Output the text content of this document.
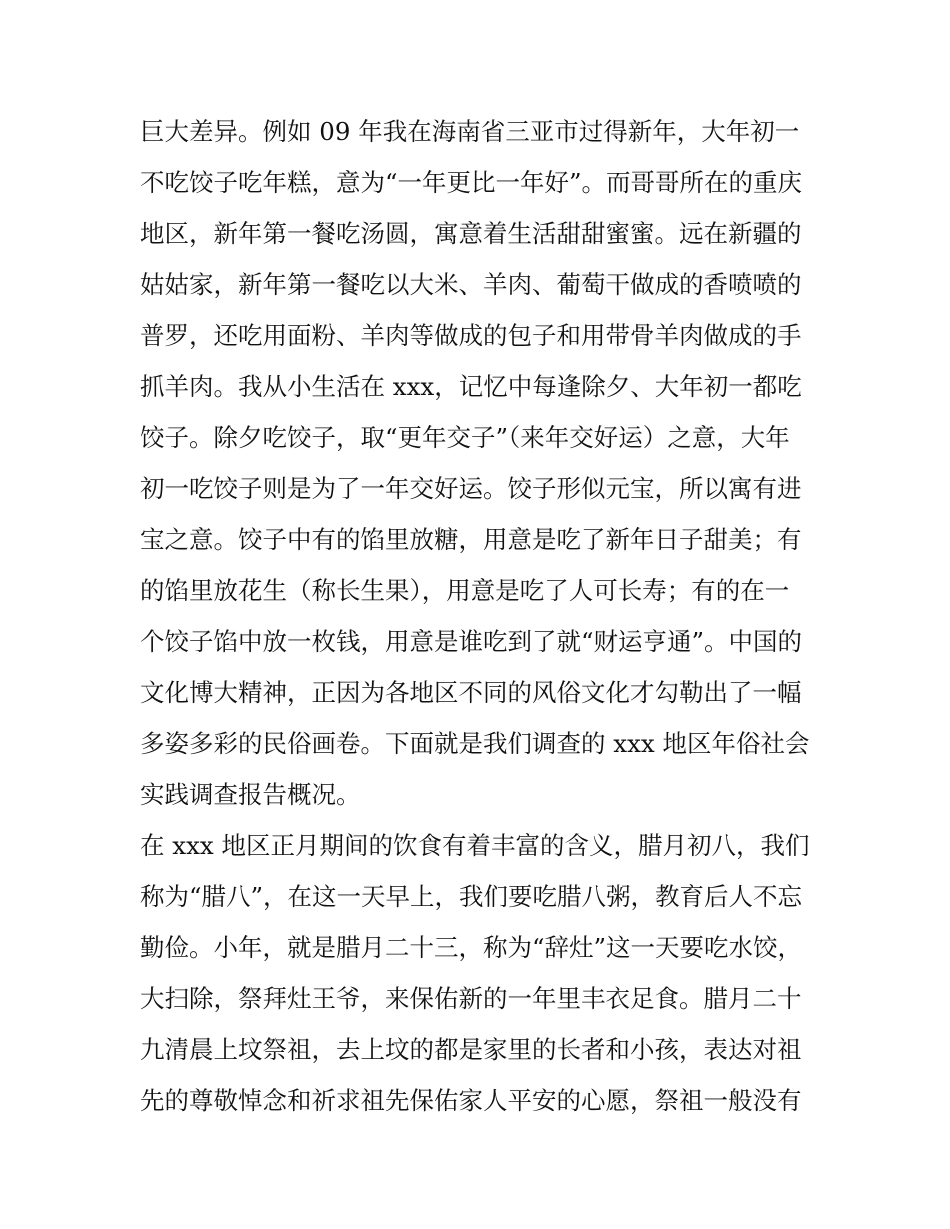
巨大差异。例如 09 年我在海南省三亚市过得新年，大年初一
不吃饺子吃年糕，意为“一年更比一年好”。而哥哥所在的重庆
地区，新年第一餐吃汤圆，寓意着生活甜甜蜜蜜。远在新疆的
姑姑家，新年第一餐吃以大米、羊肉、葡萄干做成的香喷喷的
普罗，还吃用面粉、羊肉等做成的包子和用带骨羊肉做成的手
抓羊肉。我从小生活在 xxx，记忆中每逢除夕、大年初一都吃
饺子。除夕吃饺子，取“更年交子”（来年交好运）之意，大年
初一吃饺子则是为了一年交好运。饺子形似元宝，所以寓有进
宝之意。饺子中有的馅里放糖，用意是吃了新年日子甜美；有
的馅里放花生（称长生果），用意是吃了人可长寿；有的在一
个饺子馅中放一枚钱，用意是谁吃到了就“财运亨通”。中国的
文化博大精神，正因为各地区不同的风俗文化才勾勒出了一幅
多姿多彩的民俗画卷。下面就是我们调查的 xxx 地区年俗社会
实践调查报告概况。
在 xxx 地区正月期间的饮食有着丰富的含义，腊月初八，我们
称为“腊八”，在这一天早上，我们要吃腊八粥，教育后人不忘
勤俭。小年，就是腊月二十三，称为“辞灶”这一天要吃水饺，
大扫除，祭拜灶王爷，来保佑新的一年里丰衣足食。腊月二十
九清晨上坟祭祖，去上坟的都是家里的长者和小孩，表达对祖
先的尊敬悼念和祈求祖先保佑家人平安的心愿，祭祖一般没有
